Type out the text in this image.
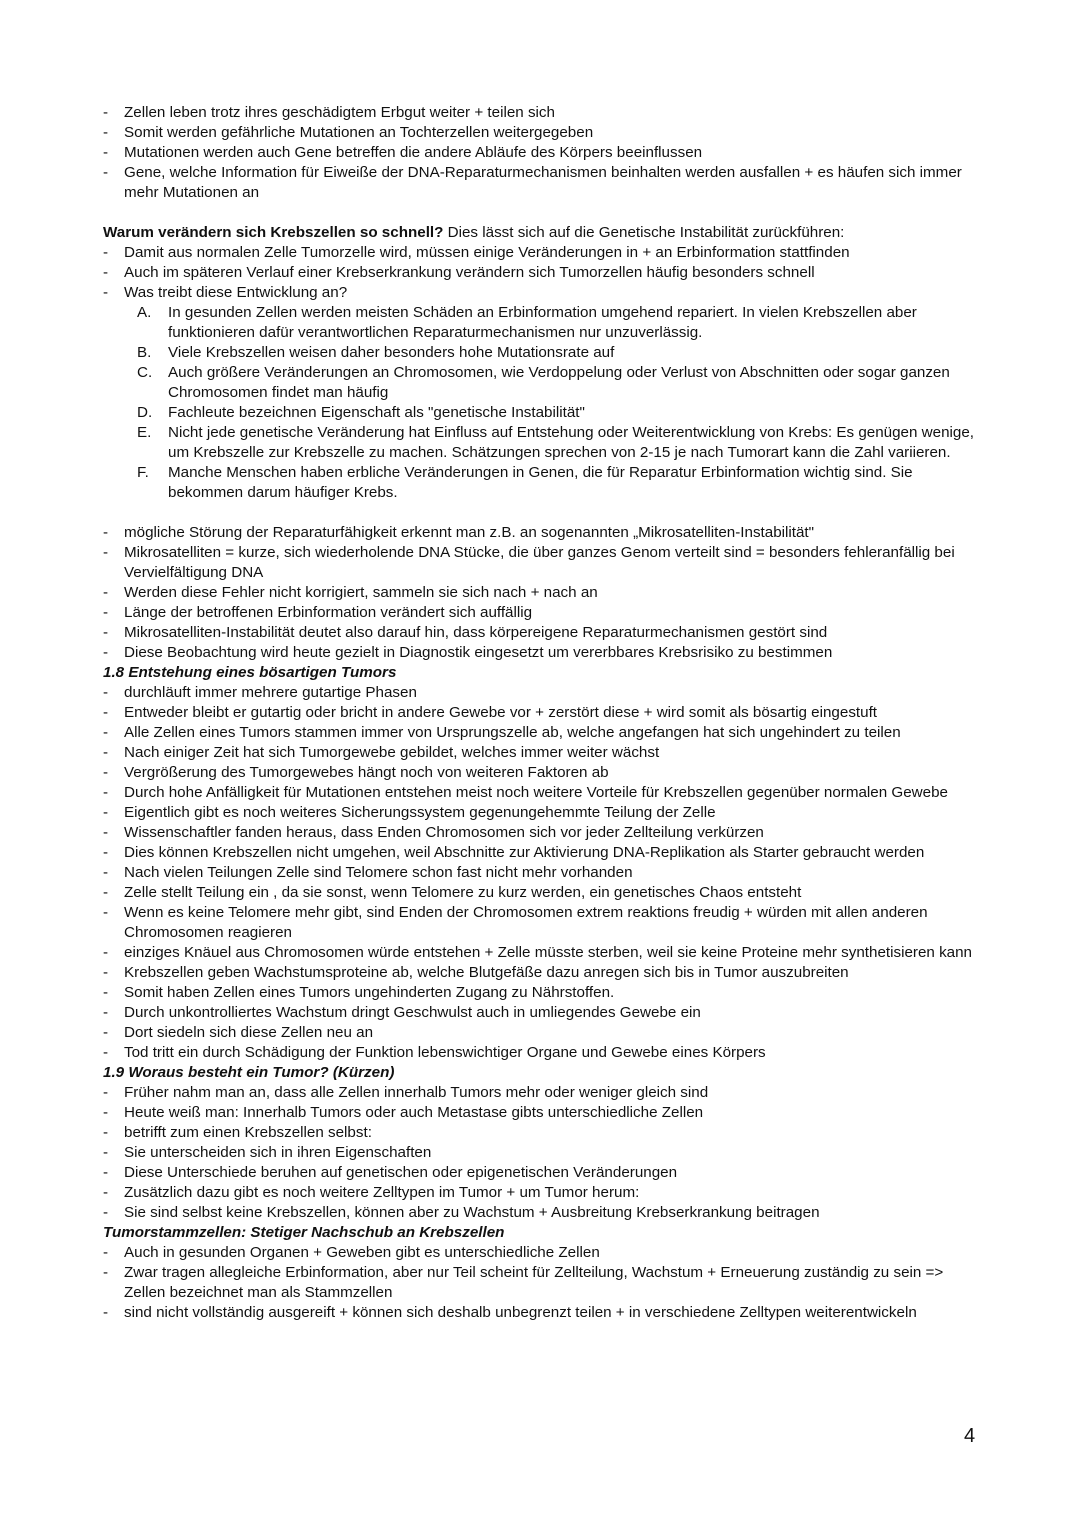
- Zellen leben trotz ihres geschädigtem Erbgut weiter + teilen sich
- Somit werden gefährliche Mutationen an Tochterzellen weitergegeben
- Mutationen werden auch Gene betreffen die andere Abläufe des Körpers beeinflussen
- Gene, welche Information für Eiweiße der DNA-Reparaturmechanismen beinhalten werden ausfallen + es häufen sich immer mehr Mutationen an
Warum verändern sich Krebszellen so schnell? Dies lässt sich auf die Genetische Instabilität zurückführen:
- Damit aus normalen Zelle Tumorzelle wird, müssen einige Veränderungen in + an Erbinformation stattfinden
- Auch im späteren Verlauf einer Krebserkrankung verändern sich Tumorzellen häufig besonders schnell
- Was treibt diese Entwicklung an?
A. In gesunden Zellen werden meisten Schäden an Erbinformation umgehend repariert. In vielen Krebszellen aber funktionieren dafür verantwortlichen Reparaturmechanismen nur unzuverlässig.
B. Viele Krebszellen weisen daher besonders hohe Mutationsrate auf
C. Auch größere Veränderungen an Chromosomen, wie Verdoppelung oder Verlust von Abschnitten oder sogar ganzen Chromosomen findet man häufig
D. Fachleute bezeichnen Eigenschaft als "genetische Instabilität"
E. Nicht jede genetische Veränderung hat Einfluss auf Entstehung oder Weiterentwicklung von Krebs: Es genügen wenige, um Krebszelle zur Krebszelle zu machen. Schätzungen sprechen von 2-15 je nach Tumorart kann die Zahl variieren.
F. Manche Menschen haben erbliche Veränderungen in Genen, die für Reparatur Erbinformation wichtig sind. Sie bekommen darum häufiger Krebs.
- mögliche Störung der Reparaturfähigkeit erkennt man z.B. an sogenannten „Mikrosatelliten-Instabilität"
- Mikrosatelliten = kurze, sich wiederholende DNA Stücke, die über ganzes Genom verteilt sind = besonders fehleranfällig bei Vervielfältigung DNA
- Werden diese Fehler nicht korrigiert, sammeln sie sich nach + nach an
- Länge der betroffenen Erbinformation verändert sich auffällig
- Mikrosatelliten-Instabilität deutet also darauf hin, dass körpereigene Reparaturmechanismen gestört sind
- Diese Beobachtung wird heute gezielt in Diagnostik eingesetzt um vererbbares Krebsrisiko zu bestimmen
1.8 Entstehung eines bösartigen Tumors
- durchläuft immer mehrere gutartige Phasen
- Entweder bleibt er gutartig oder bricht in andere Gewebe vor + zerstört diese + wird somit als bösartig eingestuft
- Alle Zellen eines Tumors stammen immer von Ursprungszelle ab, welche angefangen hat sich ungehindert zu teilen
- Nach einiger Zeit hat sich Tumorgewebe gebildet, welches immer weiter wächst
- Vergrößerung des Tumorgewebes hängt noch von weiteren Faktoren ab
- Durch hohe Anfälligkeit für Mutationen entstehen meist noch weitere Vorteile für Krebszellen gegenüber normalen Gewebe
- Eigentlich gibt es noch weiteres Sicherungssystem gegenungehemmte Teilung der Zelle
- Wissenschaftler fanden heraus, dass Enden Chromosomen sich vor jeder Zellteilung verkürzen
- Dies können Krebszellen nicht umgehen, weil Abschnitte zur Aktivierung DNA-Replikation als Starter gebraucht werden
- Nach vielen Teilungen Zelle sind Telomere schon fast nicht mehr vorhanden
- Zelle stellt Teilung ein , da sie sonst, wenn Telomere zu kurz werden, ein genetisches Chaos entsteht
- Wenn es keine Telomere mehr gibt, sind Enden der Chromosomen extrem reaktions freudig + würden mit allen anderen Chromosomen reagieren
- einziges Knäuel aus Chromosomen würde entstehen + Zelle müsste sterben, weil sie keine Proteine mehr synthetisieren kann
- Krebszellen geben Wachstumsproteine ab, welche Blutgefäße dazu anregen sich bis in Tumor auszubreiten
- Somit haben Zellen eines Tumors ungehinderten Zugang zu Nährstoffen.
- Durch unkontrolliertes Wachstum dringt Geschwulst auch in umliegendes Gewebe ein
- Dort siedeln sich diese Zellen neu an
- Tod tritt ein durch Schädigung der Funktion lebenswichtiger Organe und Gewebe eines Körpers
1.9 Woraus besteht ein Tumor? (Kürzen)
- Früher nahm man an, dass alle Zellen innerhalb Tumors mehr oder weniger gleich sind
- Heute weiß man: Innerhalb Tumors oder auch Metastase gibts unterschiedliche Zellen
- betrifft zum einen Krebszellen selbst:
- Sie unterscheiden sich in ihren Eigenschaften
- Diese Unterschiede beruhen auf genetischen oder epigenetischen Veränderungen
- Zusätzlich dazu gibt es noch weitere Zelltypen im Tumor + um Tumor herum:
- Sie sind selbst keine Krebszellen, können aber zu Wachstum + Ausbreitung Krebserkrankung beitragen
Tumorstammzellen: Stetiger Nachschub an Krebszellen
- Auch in gesunden Organen + Geweben gibt es unterschiedliche Zellen
- Zwar tragen allegleiche Erbinformation, aber nur Teil scheint für Zellteilung, Wachstum + Erneuerung zuständig zu sein => Zellen bezeichnet man als Stammzellen
- sind nicht vollständig ausgereift + können sich deshalb unbegrenzt teilen + in verschiedene Zelltypen weiterentwickeln
4
